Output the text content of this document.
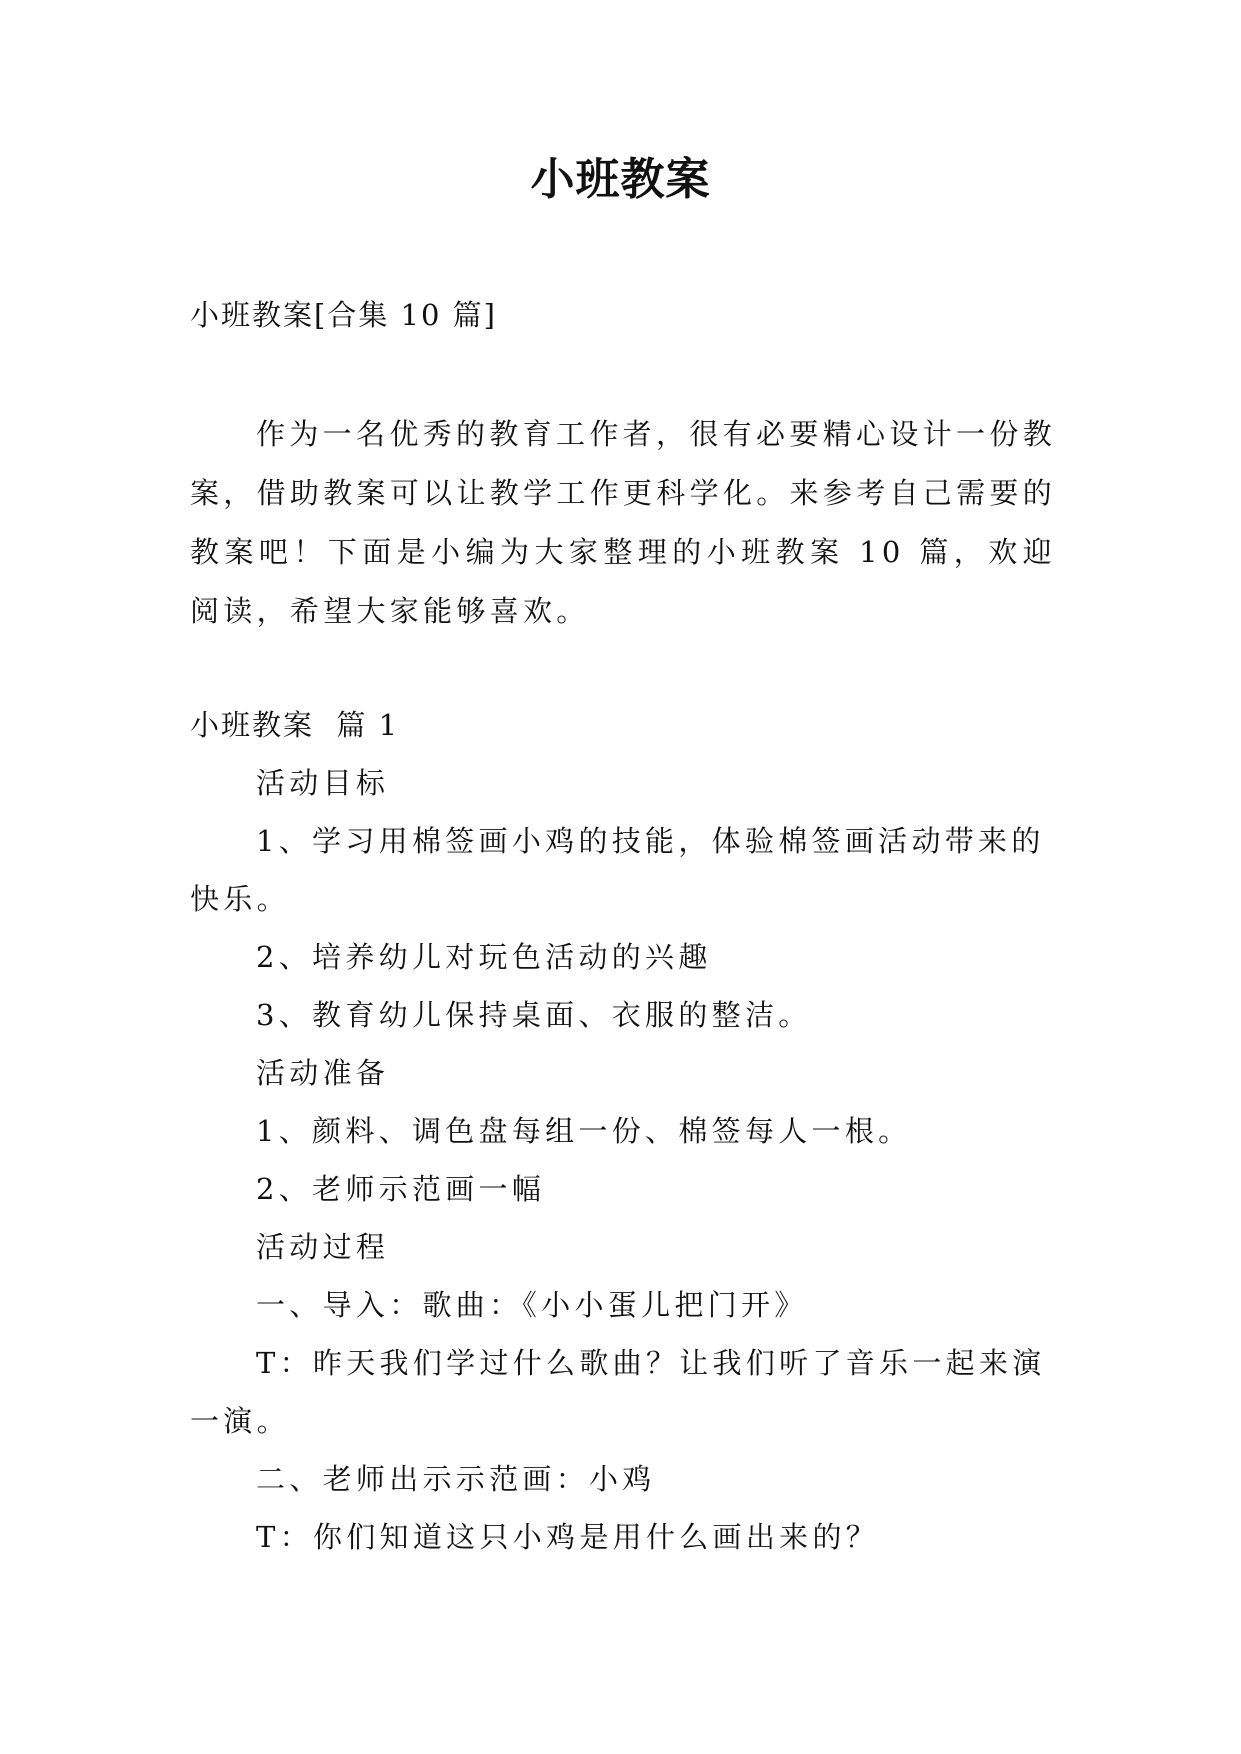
小班教案
小班教案[合集 10 篇]

作为一名优秀的教育工作者，很有必要精心设计一份教案，借助教案可以让教学工作更科学化。来参考自己需要的教案吧！下面是小编为大家整理的小班教案 10 篇，欢迎阅读，希望大家能够喜欢。

小班教案  篇 1

活动目标

1、学习用棉签画小鸡的技能，体验棉签画活动带来的快乐。

2、培养幼儿对玩色活动的兴趣

3、教育幼儿保持桌面、衣服的整洁。

活动准备

1、颜料、调色盘每组一份、棉签每人一根。

2、老师示范画一幅

活动过程

一、导入：歌曲：《小小蛋儿把门开》

T：昨天我们学过什么歌曲？让我们听了音乐一起来演一演。

二、老师出示示范画：小鸡

T：你们知道这只小鸡是用什么画出来的？
